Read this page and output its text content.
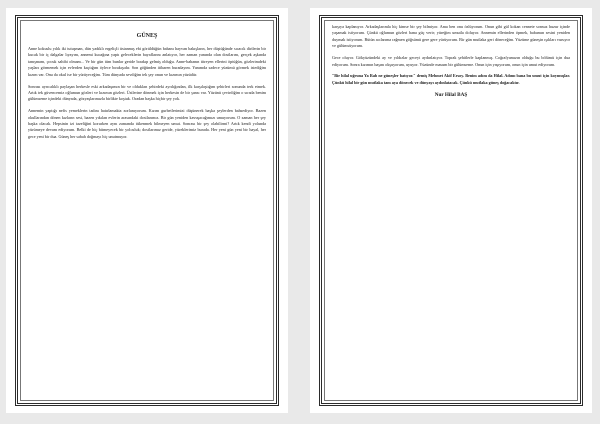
GÜNEŞ

Anne kokuslu yılık iki tutuşman, dün yadıklı ergeliçli üstanmış ebi görüldüğün babanı hayvan bakışların, her düştüğünde sıcacık dirilerin bir kucak bir iç dalgalar lıyayım, annemi kucağına yaptı geleceklerin bayaflarını anlatıyor, her zaman yanında olan dostlarım, gerçek aşkında tanışmam, çocuk sahibi olmam... Ve bir gün tüm bunlar geride bırakıp gelmiş olduğu. Anne-babanın titreyen ellerini öptüğün, gözlerimdeki yaşları görmemek için evlerden kaçtığım öylece bırakışıdır. Son göğünden itibaren buradayım. Yanımda sadece yüzümü görmek istediğim kızım var. Onu da okul ise bir yürüyeceğim. Tüm dünyada sevdiğim tek şey onun ve kızımın yüzüdür.

Sonrası ayrıcalıklı paylaşan herkesle eski arkadaşımın bir ve oldukları şehirdeki ayrılığından, ilk karşılaştığım şehirleri sonunda terk etmek. Artık tek güvencemiz oğlumun gözleri ve kızımın gözleri. Üstlerine dönmek için herkesin de bir şansı var. Yüzünü çevirdiğim o sırada benim gülümseme içindeki dünyada, gözyaşlarımızla birlikte koştuk. Oradan başka hiçbir şey yok.

Annemin yaptığı nefis yemeklerin tadını hatırlamakta zorlanıyorum. Kızım gurbetlerimizi düşünerek başka şeylerden bahsediyor. Bazen okullarından dönen kızların sesi, bazen yıkılan evlerin arasındaki dostlarımız. Bir gün yeniden kavuşacağımızı umuyorum. O zaman her şey başka olacak. Hepsinin izi tazeliğini korurken aynı zamanda tükenmek bilmeyen umut. Sonrası bir şey olabilirmi? Artık kendi yolunda yürümeye devam ediyorum. Belki de hiç bitmeyecek bir yolculuk; dostlarımız geride, yüreklerimiz burada. Her yeni gün yeni bir hayal, her gece yeni bir dua. Güneş her sabah doğmayı hiç unutmuyor.

karşıya kaplanıyor. Arkadaşlarımla hiç kimse bir şey bilmiyor. Ama ben onu özlüyorum. Onun gibi gül kokan cennete sonsuz huzur içinde yaşamak istiyorum. Çünkü oğlumun gözleri bana güç verir; yüreğim umutla doluyor. Annemin ellerinden öpmek, babamın sesini yeniden duymak istiyorum. Bütün acılarıma rağmen göğsümü gere gere yürüyorum. Bir gün mutlaka geri döneceğim. Yüzüme güneşin ışıkları vuruyor ve gülümsüyorum.

Gece oluyor. Gökyüzündeki ay ve yıldızlar geceyi aydınlatıyor. Toprak şehitlerle kaplanmış. Coğrafyamızın olduğu bu bölümü için dua ediyorum. Sonra kızımın başını okşuyorum, uyuyor. Yüzünde masum bir gülümseme. Onun için yaşıyorum, onun için umut ediyorum.

"Bir hilal uğruna Ya Rab ne güneşler batıyor." demiş Mehmet Akif Ersoy. Benim adım da Hilal. Adımı bana bu umut için koymuşlar. Çünkü hilal bir gün mutlaka tam aya dönecek ve dünyayı aydınlatacak. Çünkü mutlaka güneş doğacaktır.

Nur Hilal BAŞ
